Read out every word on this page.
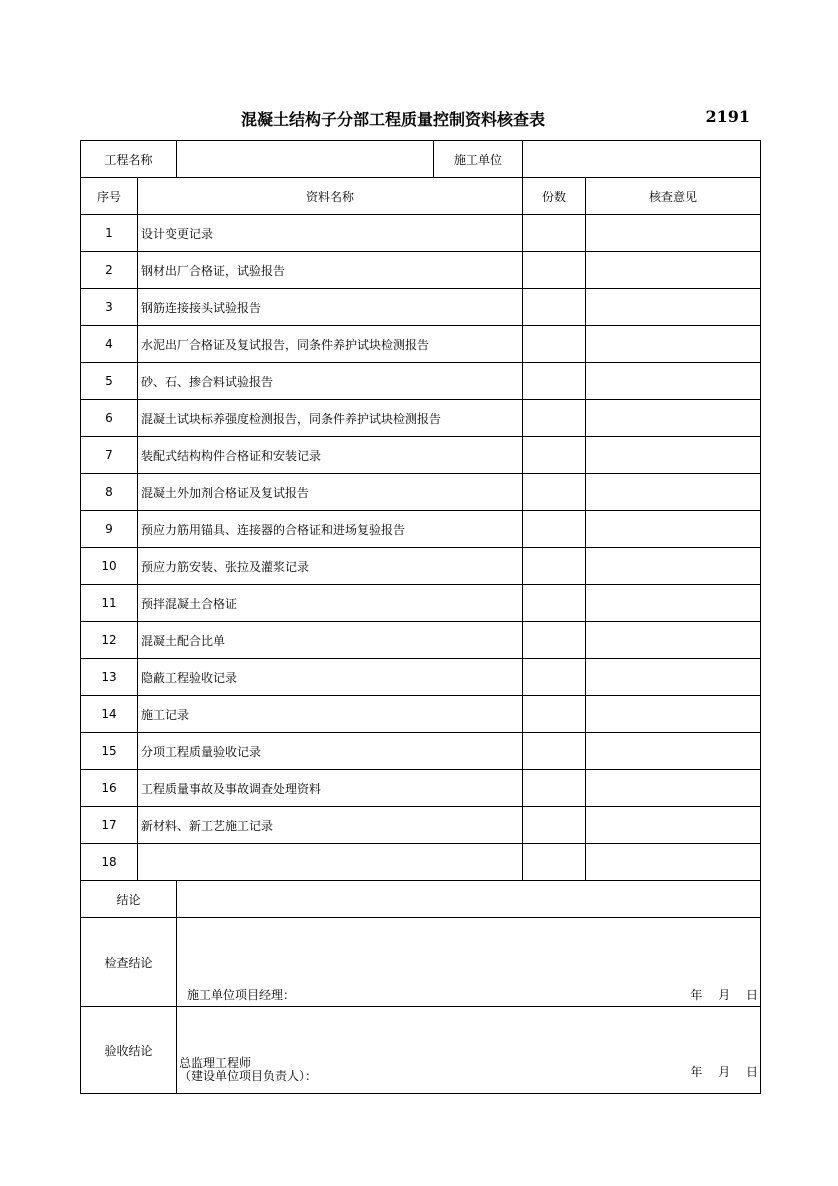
混凝土结构子分部工程质量控制资料核查表	2191
工程名称			施工单位		
序号	资料名称			份数	核查意见
1	设计变更记录				
2	钢材出厂合格证，试验报告				
3	钢筋连接接头试验报告				
4	水泥出厂合格证及复试报告，同条件养护试块检测报告				
5	砂、石、掺合料试验报告				
6	混凝土试块标养强度检测报告，同条件养护试块检测报告				
7	装配式结构构件合格证和安装记录				
8	混凝土外加剂合格证及复试报告				
9	预应力筋用锚具、连接器的合格证和进场复验报告				
10	预应力筋安装、张拉及灌浆记录				
11	预拌混凝土合格证				
12	混凝土配合比单				
13	隐蔽工程验收记录				
14	施工记录				
15	分项工程质量验收记录				
16	工程质量事故及事故调查处理资料				
17	新材料、新工艺施工记录				
18					
结论					
检查结论		施工单位项目经理： 年 月 日			

验收结论		总监理工程师
（建设单位项目负责人）： 年 月 日			
